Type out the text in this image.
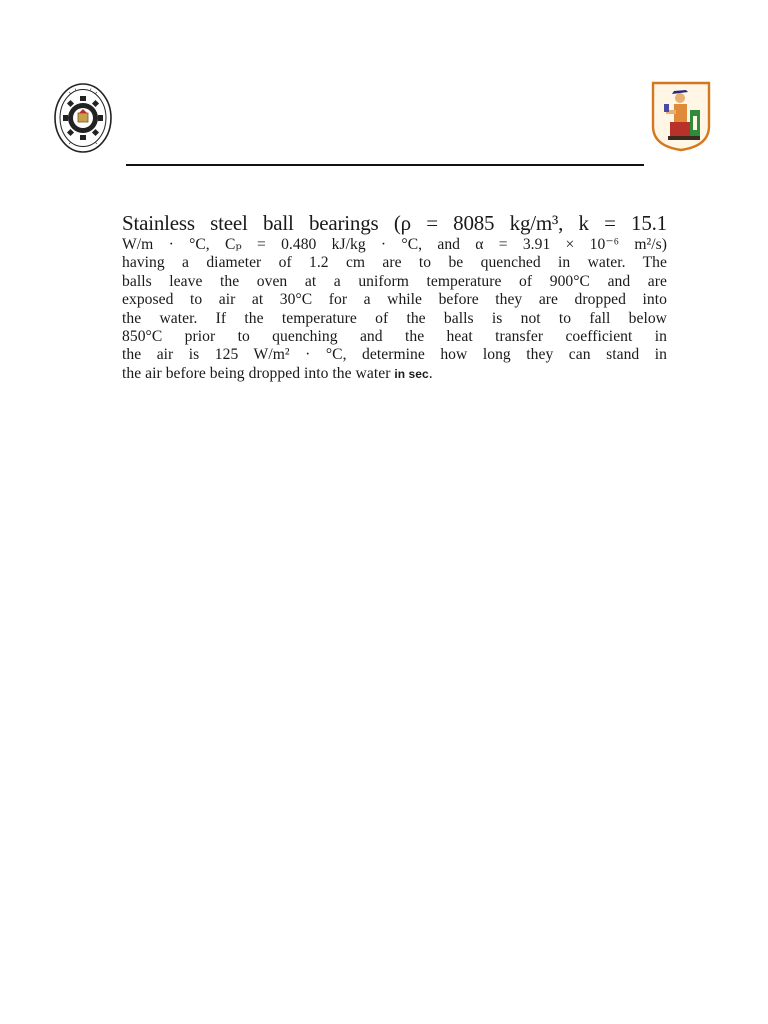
Stainless steel ball bearings (ρ = 8085 kg/m³, k = 15.1
W/m · °C, Cₚ = 0.480 kJ/kg · °C, and α = 3.91 × 10⁻⁶ m²/s)
having a diameter of 1.2 cm are to be quenched in water. The
balls leave the oven at a uniform temperature of 900°C and are
exposed to air at 30°C for a while before they are dropped into
the water. If the temperature of the balls is not to fall below
850°C prior to quenching and the heat transfer coefficient in
the air is 125 W/m² · °C, determine how long they can stand in
the air before being dropped into the water in sec.
